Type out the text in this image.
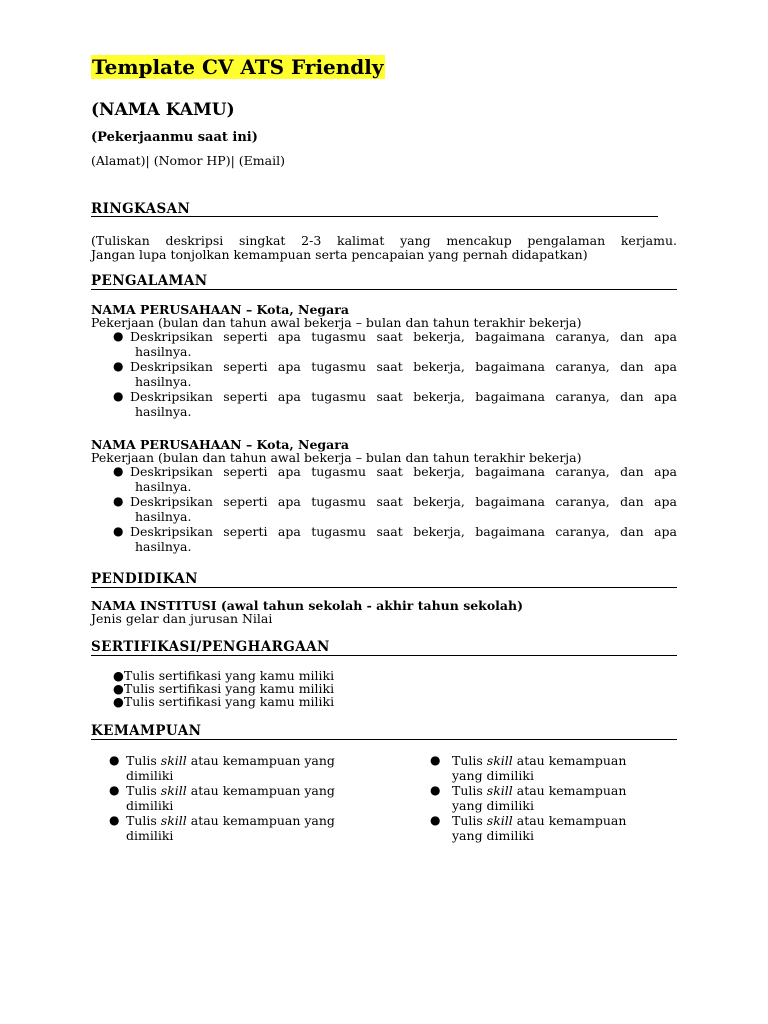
Template CV ATS Friendly
(NAMA KAMU)
(Pekerjaanmu saat ini)
(Alamat)| (Nomor HP)| (Email)
RINGKASAN
(Tuliskan deskripsi singkat 2-3 kalimat yang mencakup pengalaman kerjamu.
Jangan lupa tonjolkan kemampuan serta pencapaian yang pernah didapatkan)
PENGALAMAN
NAMA PERUSAHAAN – Kota, Negara
Pekerjaan (bulan dan tahun awal bekerja – bulan dan tahun terakhir bekerja)
● Deskripsikan seperti apa tugasmu saat bekerja, bagaimana caranya, dan apa
hasilnya.
● Deskripsikan seperti apa tugasmu saat bekerja, bagaimana caranya, dan apa
hasilnya.
● Deskripsikan seperti apa tugasmu saat bekerja, bagaimana caranya, dan apa
hasilnya.
NAMA PERUSAHAAN – Kota, Negara
Pekerjaan (bulan dan tahun awal bekerja – bulan dan tahun terakhir bekerja)
● Deskripsikan seperti apa tugasmu saat bekerja, bagaimana caranya, dan apa
hasilnya.
● Deskripsikan seperti apa tugasmu saat bekerja, bagaimana caranya, dan apa
hasilnya.
● Deskripsikan seperti apa tugasmu saat bekerja, bagaimana caranya, dan apa
hasilnya.
PENDIDIKAN
NAMA INSTITUSI (awal tahun sekolah - akhir tahun sekolah)
Jenis gelar dan jurusan Nilai
SERTIFIKASI/PENGHARGAAN
●Tulis sertifikasi yang kamu miliki
●Tulis sertifikasi yang kamu miliki
●Tulis sertifikasi yang kamu miliki
KEMAMPUAN
● Tulis skill atau kemampuan yang
dimiliki
● Tulis skill atau kemampuan yang
dimiliki
● Tulis skill atau kemampuan yang
dimiliki
● Tulis skill atau kemampuan
yang dimiliki
● Tulis skill atau kemampuan
yang dimiliki
● Tulis skill atau kemampuan
yang dimiliki
